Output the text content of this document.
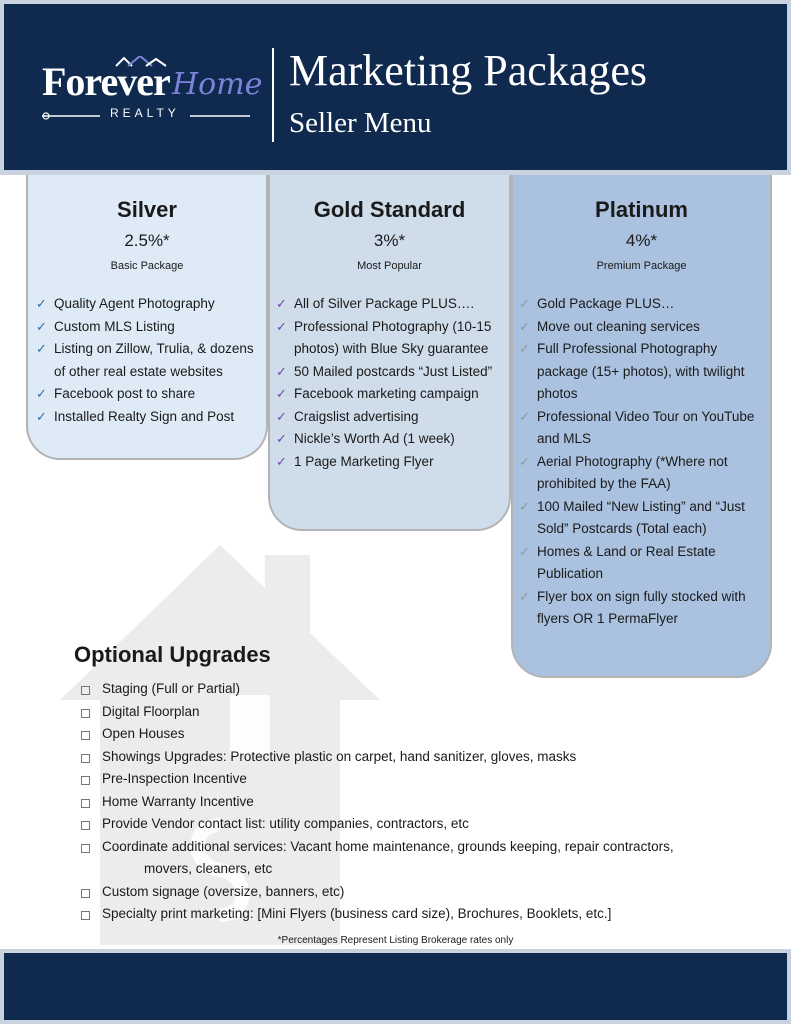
Forever Home
REALTY
Marketing Packages
Seller Menu
Silver
2.5%*
Basic Package
✓ Quality Agent Photography
✓ Custom MLS Listing
✓ Listing on Zillow, Trulia, & dozens of other real estate websites
✓ Facebook post to share
✓ Installed Realty Sign and Post
Gold Standard
3%*
Most Popular
✓ All of Silver Package PLUS….
✓ Professional Photography (10-15 photos) with Blue Sky guarantee
✓ 50 Mailed postcards “Just Listed”
✓ Facebook marketing campaign
✓ Craigslist advertising
✓ Nickle’s Worth Ad (1 week)
✓ 1 Page Marketing Flyer
Platinum
4%*
Premium Package
✓ Gold Package PLUS…
✓ Move out cleaning services
✓ Full Professional Photography package (15+ photos), with twilight photos
✓ Professional Video Tour on YouTube and MLS
✓ Aerial Photography (*Where not prohibited by the FAA)
✓ 100 Mailed “New Listing” and “Just Sold” Postcards (Total each)
✓ Homes & Land or Real Estate Publication
✓ Flyer box on sign fully stocked with flyers OR 1 PermaFlyer
Optional Upgrades
Staging (Full or Partial)
Digital Floorplan
Open Houses
Showings Upgrades: Protective plastic on carpet, hand sanitizer, gloves, masks
Pre-Inspection Incentive
Home Warranty Incentive
Provide Vendor contact list: utility companies, contractors, etc
Coordinate additional services: Vacant home maintenance, grounds keeping, repair contractors,
movers, cleaners, etc
Custom signage (oversize, banners, etc)
Specialty print marketing: [Mini Flyers (business card size), Brochures, Booklets, etc.]
*Percentages Represent Listing Brokerage rates only
